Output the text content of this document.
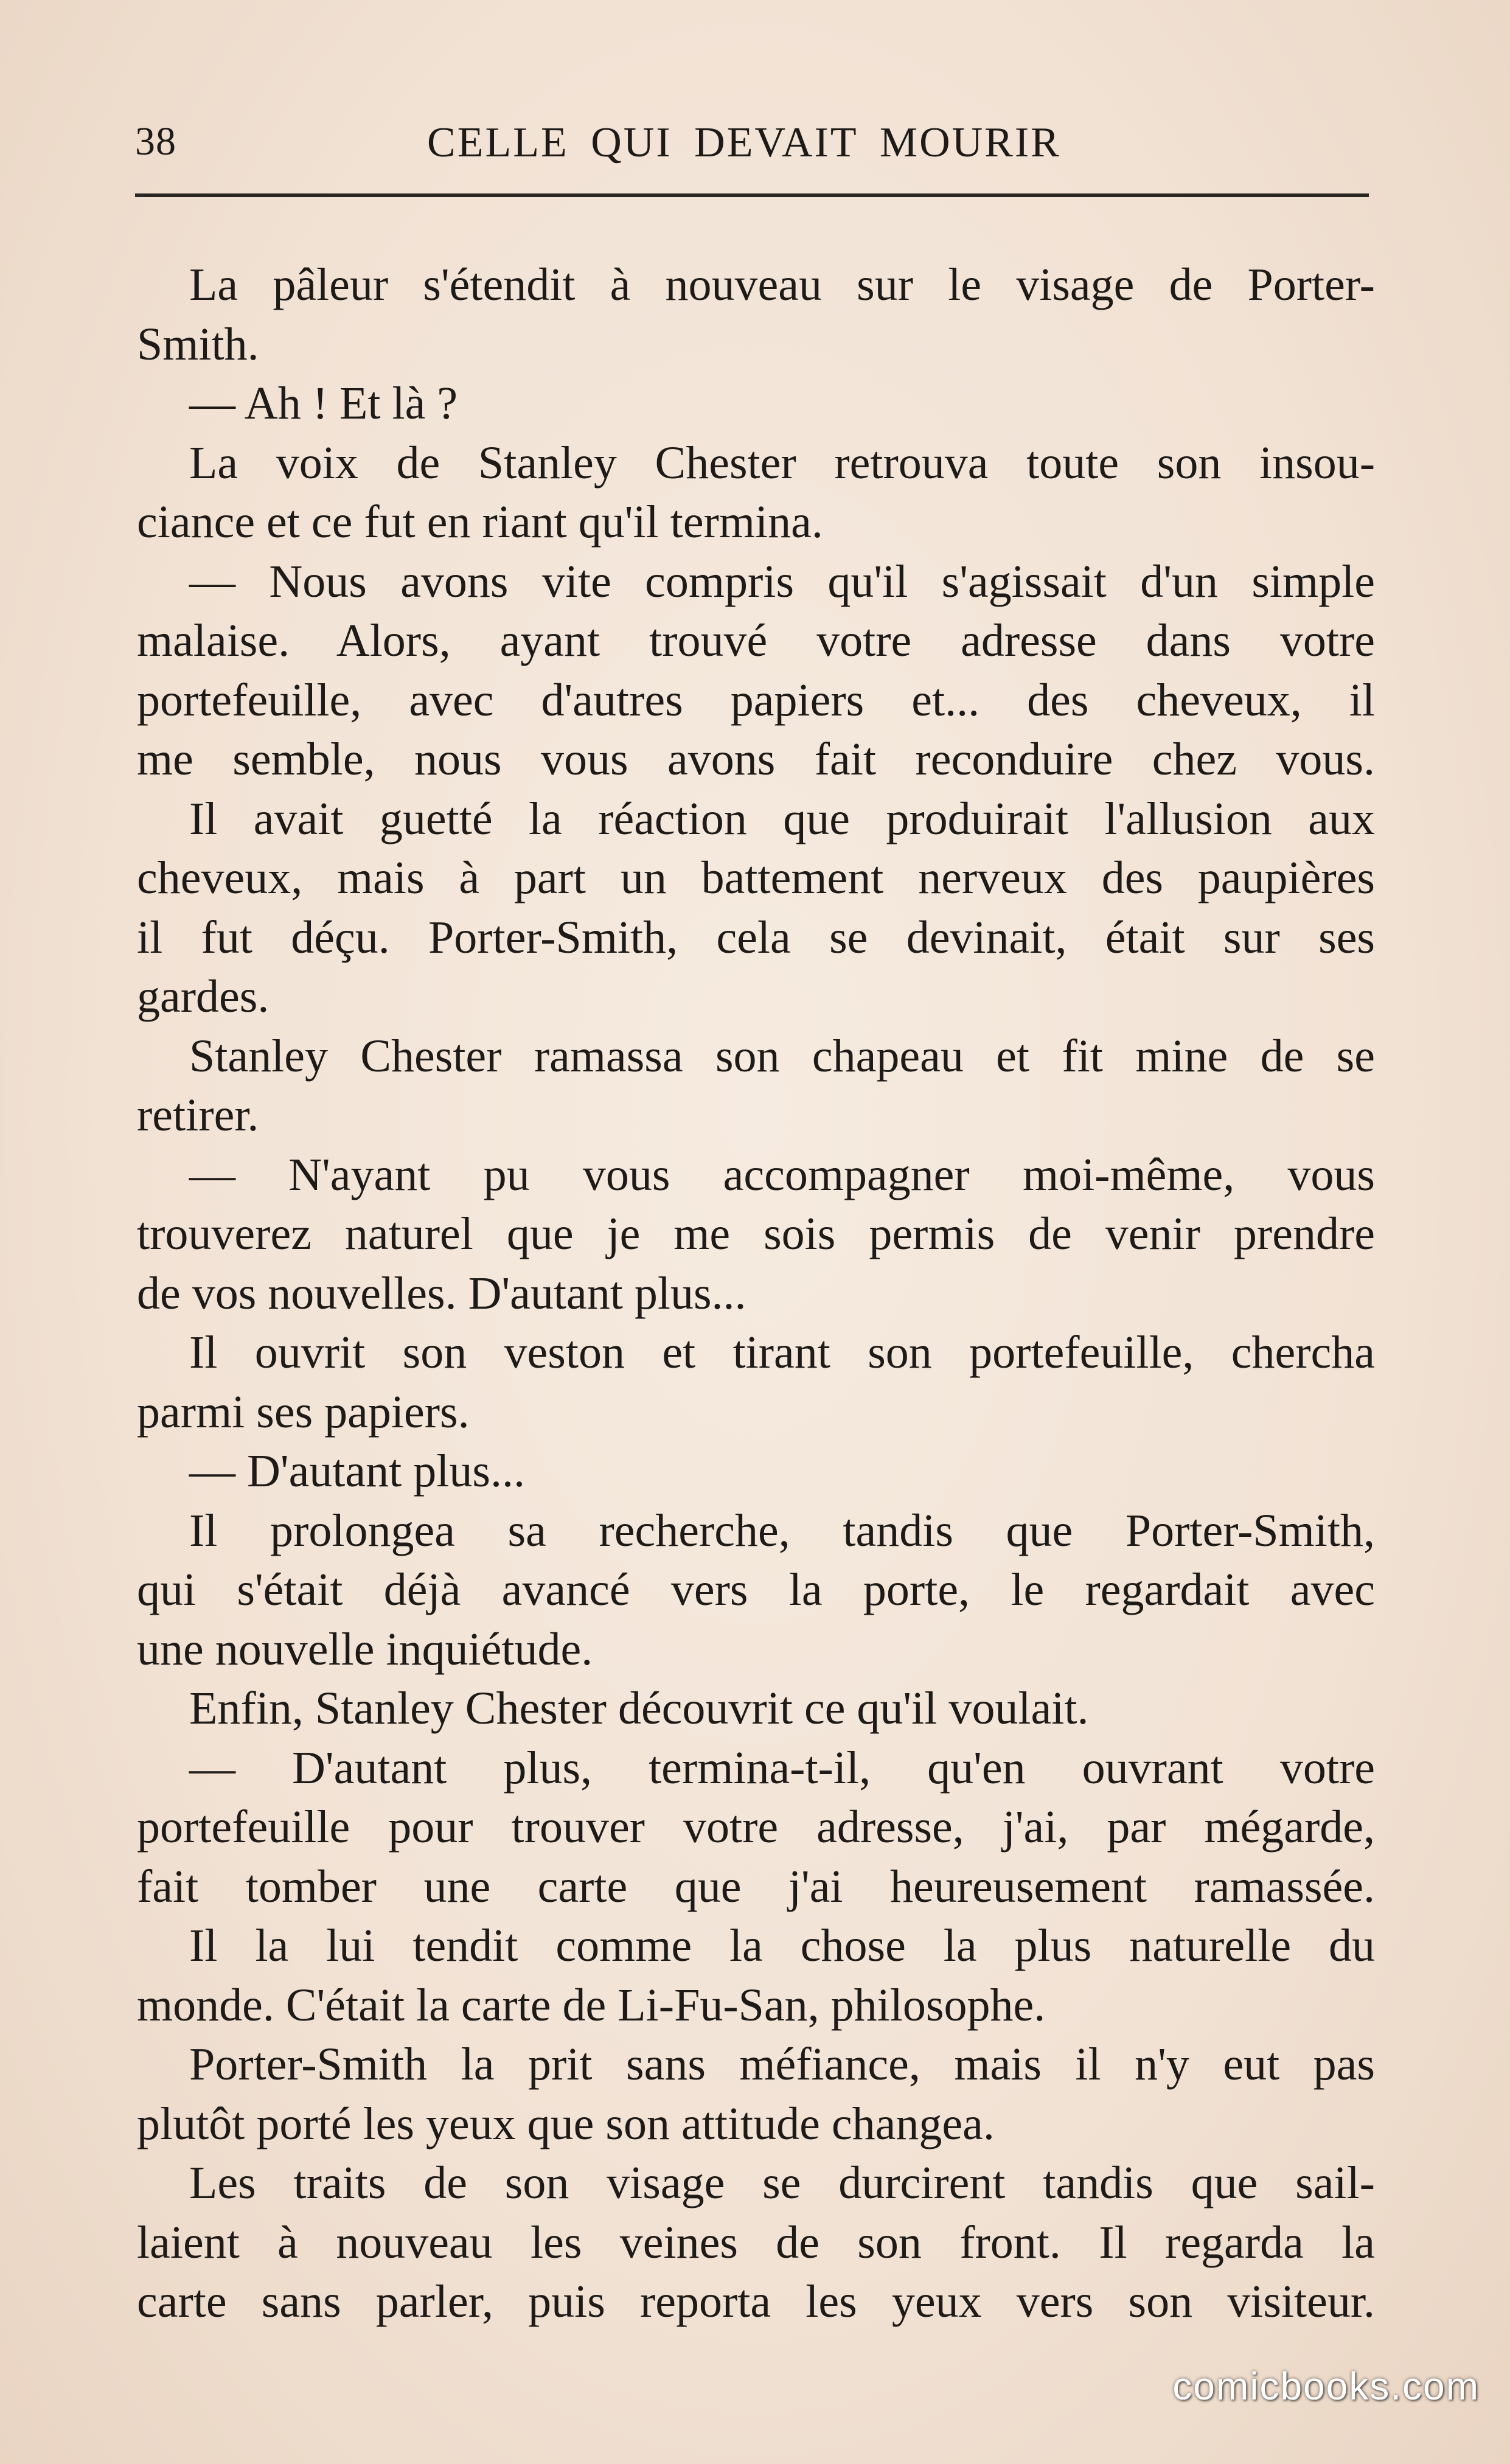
38	CELLE QUI DEVAIT MOURIR
La pâleur s'étendit à nouveau sur le visage de Porter-
Smith.
— Ah ! Et là ?
La voix de Stanley Chester retrouva toute son insou-
ciance et ce fut en riant qu'il termina.
— Nous avons vite compris qu'il s'agissait d'un simple
malaise. Alors, ayant trouvé votre adresse dans votre
portefeuille, avec d'autres papiers et... des cheveux, il
me semble, nous vous avons fait reconduire chez vous.
Il avait guetté la réaction que produirait l'allusion aux
cheveux, mais à part un battement nerveux des paupières
il fut déçu. Porter-Smith, cela se devinait, était sur ses
gardes.
Stanley Chester ramassa son chapeau et fit mine de se
retirer.
— N'ayant pu vous accompagner moi-même, vous
trouverez naturel que je me sois permis de venir prendre
de vos nouvelles. D'autant plus...
Il ouvrit son veston et tirant son portefeuille, chercha
parmi ses papiers.
— D'autant plus...
Il prolongea sa recherche, tandis que Porter-Smith,
qui s'était déjà avancé vers la porte, le regardait avec
une nouvelle inquiétude.
Enfin, Stanley Chester découvrit ce qu'il voulait.
— D'autant plus, termina-t-il, qu'en ouvrant votre
portefeuille pour trouver votre adresse, j'ai, par mégarde,
fait tomber une carte que j'ai heureusement ramassée.
Il la lui tendit comme la chose la plus naturelle du
monde. C'était la carte de Li-Fu-San, philosophe.
Porter-Smith la prit sans méfiance, mais il n'y eut pas
plutôt porté les yeux que son attitude changea.
Les traits de son visage se durcirent tandis que sail-
laient à nouveau les veines de son front. Il regarda la
carte sans parler, puis reporta les yeux vers son visiteur.
comicbooks.com
